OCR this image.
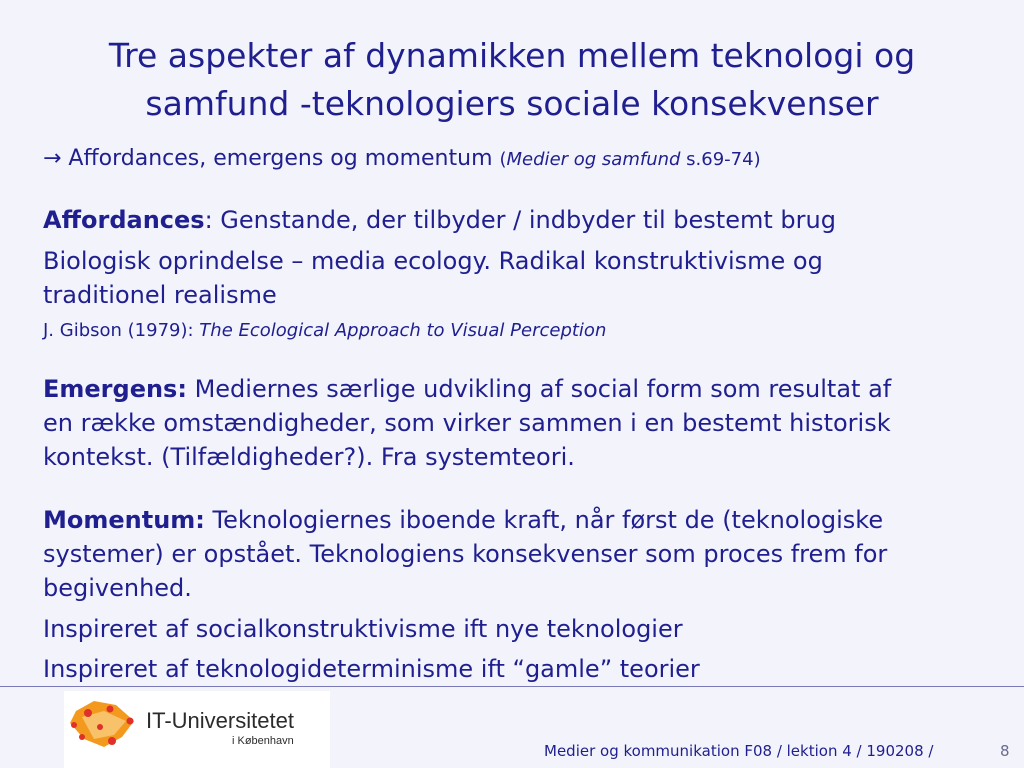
Tre aspekter af dynamikken mellem teknologi og
samfund -teknologiers sociale konsekvenser
→ Affordances, emergens og momentum (Medier og samfund s.69-74)
Affordances: Genstande, der tilbyder / indbyder til bestemt brug
Biologisk oprindelse – media ecology. Radikal konstruktivisme og
traditionel realisme
J. Gibson (1979): The Ecological Approach to Visual Perception
Emergens: Mediernes særlige udvikling af social form som resultat af
en række omstændigheder, som virker sammen i en bestemt historisk
kontekst. (Tilfældigheder?). Fra systemteori.
Momentum: Teknologiernes iboende kraft, når først de (teknologiske
systemer) er opstået. Teknologiens konsekvenser som proces frem for
begivenhed.
Inspireret af socialkonstruktivisme ift nye teknologier
Inspireret af teknologideterminisme ift “gamle” teorier
IT-Universitetet
i København
Medier og kommunikation F08 / lektion 4 / 190208 /	8
